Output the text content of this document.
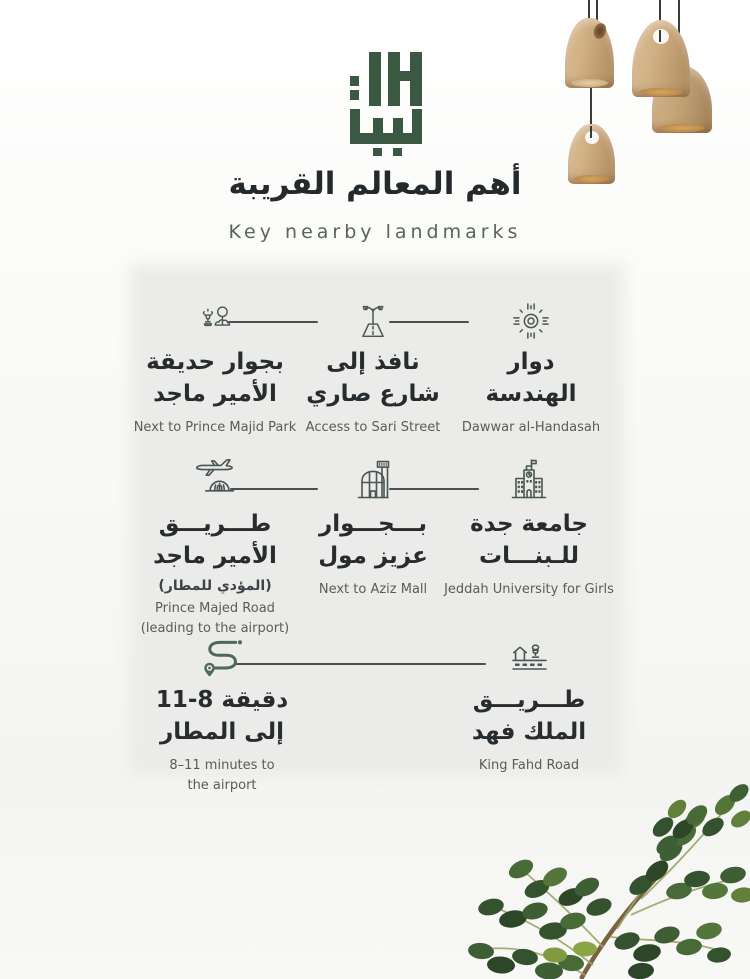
أهم المعالم القريبة
Key nearby landmarks
دوار
الهندسة
Dawwar al-Handasah
نافذ إلى
شارع صاري
Access to Sari Street
بجوار حديقة
الأمير ماجد
Next to Prince Majid Park
جامعة جدة
للـبنـــات
Jeddah University for Girls
بـــجـــوار
عزيز مول
Next to Aziz Mall
طـــريـــق
الأمير ماجد
(المؤدي للمطار)
Prince Majed Road
(leading to the airport)
طـــريـــق
الملك فهد
King Fahd Road
11-8 دقيقة
إلى المطار
8–11 minutes to
the airport
